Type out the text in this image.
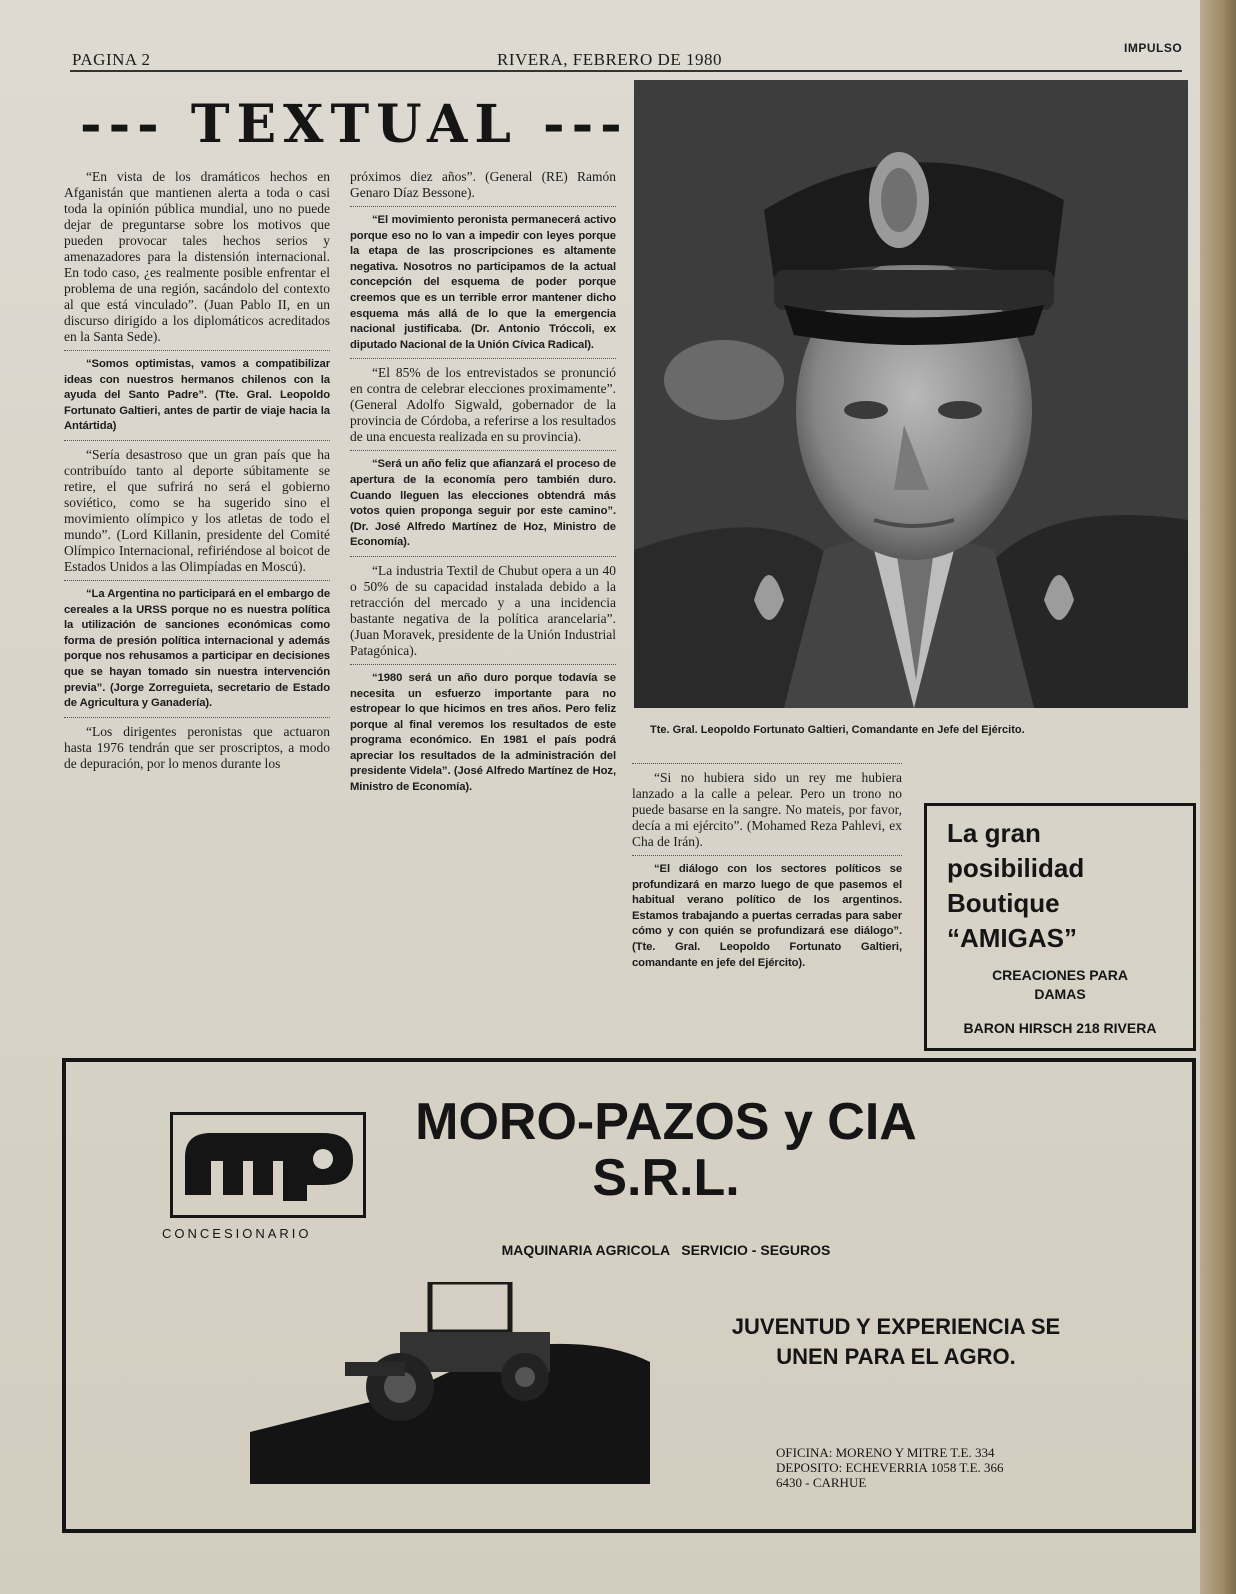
PAGINA 2	RIVERA, FEBRERO DE 1980
IMPULSO
--- TEXTUAL ---

“En vista de los dramáticos hechos en Afganistán que mantienen alerta a toda o casi toda la opinión pública mundial, uno no puede dejar de preguntarse sobre los motivos que pueden provocar tales hechos serios y amenazadores para la distensión internacional. En todo caso, ¿es realmente posible enfrentar el problema de una región, sacándolo del contexto al que está vinculado”. (Juan Pablo II, en un discurso dirigido a los diplomáticos acreditados en la Santa Sede).

“Somos optimistas, vamos a compatibilizar ideas con nuestros hermanos chilenos con la ayuda del Santo Padre”. (Tte. Gral. Leopoldo Fortunato Galtieri, antes de partir de viaje hacia la Antártida)

“Sería desastroso que un gran país que ha contribuído tanto al deporte súbitamente se retire, el que sufrirá no será el gobierno soviético, como se ha sugerido sino el movimiento olímpico y los atletas de todo el mundo”. (Lord Killanin, presidente del Comité Olímpico Internacional, refiriéndose al boicot de Estados Unidos a las Olimpíadas en Moscú).

“La Argentina no participará en el embargo de cereales a la URSS porque no es nuestra política la utilización de sanciones económicas como forma de presión política internacional y además porque nos rehusamos a participar en decisiones que se hayan tomado sin nuestra intervención previa”. (Jorge Zorreguieta, secretario de Estado de Agricultura y Ganadería).

“Los dirigentes peronistas que actuaron hasta 1976 tendrán que ser proscriptos, a modo de depuración, por lo menos durante los

próximos diez años”. (General (RE) Ramón Genaro Díaz Bessone).

“El movimiento peronista permanecerá activo porque eso no lo van a impedir con leyes porque la etapa de las proscripciones es altamente negativa. Nosotros no participamos de la actual concepción del esquema de poder porque creemos que es un terrible error mantener dicho esquema más allá de lo que la emergencia nacional justificaba. (Dr. Antonio Tróccoli, ex diputado Nacional de la Unión Cívica Radical).

“El 85% de los entrevistados se pronunció en contra de celebrar elecciones proximamente”. (General Adolfo Sigwald, gobernador de la provincia de Córdoba, a referirse a los resultados de una encuesta realizada en su provincia).

“Será un año feliz que afianzará el proceso de apertura de la economía pero también duro. Cuando lleguen las elecciones obtendrá más votos quien proponga seguir por este camino”. (Dr. José Alfredo Martínez de Hoz, Ministro de Economía).

“La industria Textil de Chubut opera a un 40 o 50% de su capacidad instalada debido a la retracción del mercado y a una incidencia bastante negativa de la política arancelaria”. (Juan Moravek, presidente de la Unión Industrial Patagónica).

“1980 será un año duro porque todavía se necesita un esfuerzo importante para no estropear lo que hicimos en tres años. Pero feliz porque al final veremos los resultados de este programa económico. En 1981 el país podrá apreciar los resultados de la administración del presidente Videla”. (José Alfredo Martínez de Hoz, Ministro de Economía).

Tte. Gral. Leopoldo Fortunato Galtieri, Comandante en Jefe del Ejército.

“Si no hubiera sido un rey me hubiera lanzado a la calle a pelear. Pero un trono no puede basarse en la sangre. No mateis, por favor, decía a mi ejército”. (Mohamed Reza Pahlevi, ex Cha de Irán).

“El diálogo con los sectores políticos se profundizará en marzo luego de que pasemos el habitual verano político de los argentinos. Estamos trabajando a puertas cerradas para saber cómo y con quién se profundizará ese diálogo”. (Tte. Gral. Leopoldo Fortunato Galtieri, comandante en jefe del Ejército).

La gran
posibilidad
Boutique
“AMIGAS”
CREACIONES PARA
DAMAS
BARON HIRSCH 218 RIVERA
CONCESIONARIO
MORO-PAZOS y CIA
S.R.L.
MAQUINARIA AGRICOLA   SERVICIO - SEGUROS
JUVENTUD Y EXPERIENCIA SE
UNEN PARA EL AGRO.
OFICINA: MORENO Y MITRE T.E. 334
DEPOSITO: ECHEVERRIA 1058 T.E. 366
6430 - CARHUE
